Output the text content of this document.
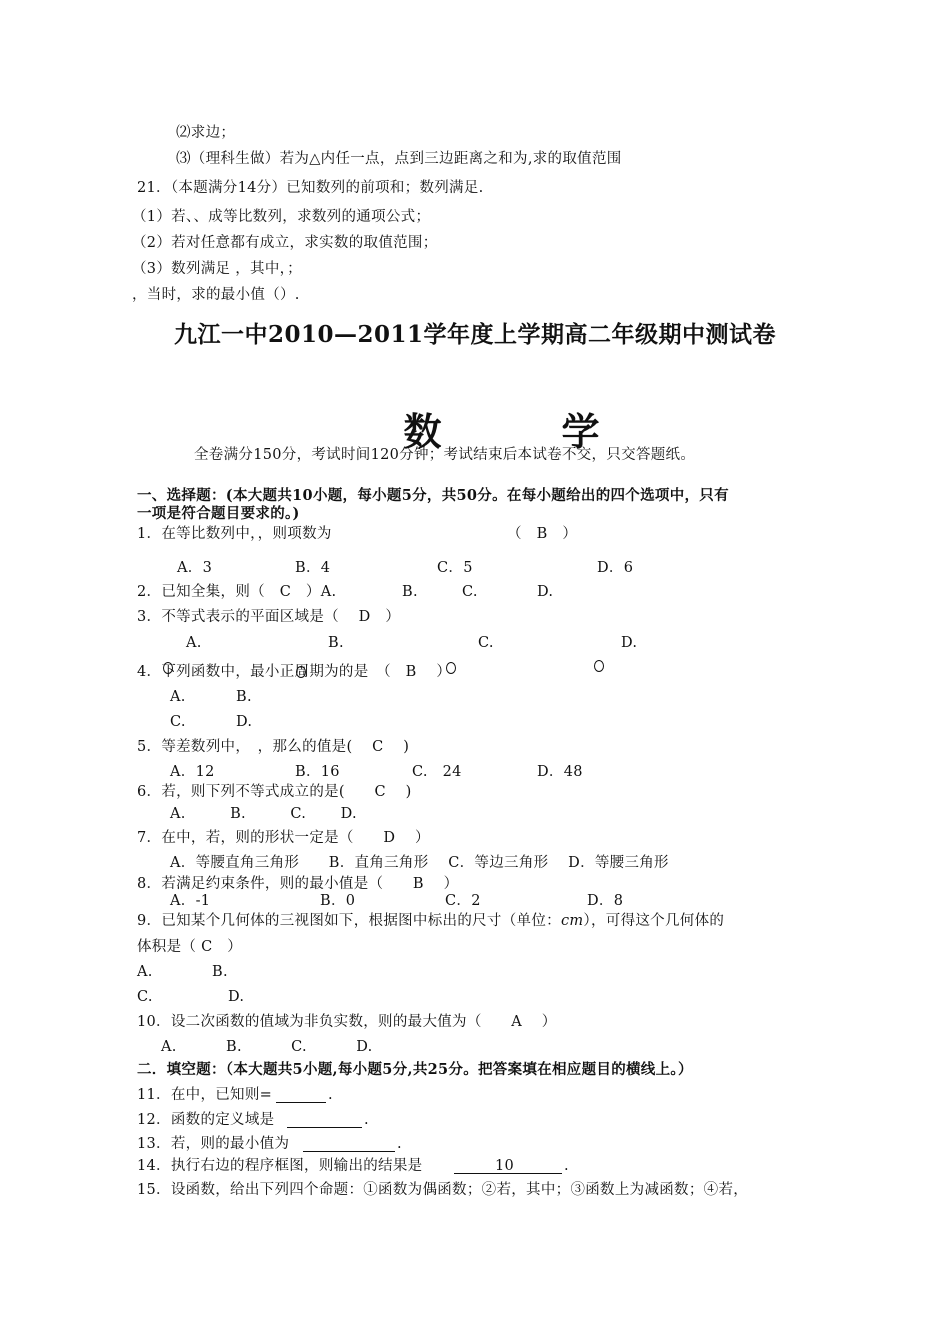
⑵求边；
⑶（理科生做）若为△内任一点，点到三边距离之和为,求的取值范围
21．（本题满分14分）已知数列的前项和；数列满足.
（1）若、、成等比数列，求数列的通项公式；
（2）若对任意都有成立，求实数的取值范围；
（3）数列满足 ，其中，；
，当时，求的最小值（）.
九江一中2010—2011学年度上学期高二年级期中测试卷

数	学

全卷满分150分，考试时间120分钟；考试结束后本试卷不交，只交答题纸。
一、选择题：(本大题共10小题，每小题5分，共50分。在每小题给出的四个选项中，只有
一项是符合题目要求的。)
1．在等比数列中，，则项数为	（　B　）
A．3	B．4	C．5	D．6
2．已知全集，则（　C　）A.	B.	C.	D.
3．不等式表示的平面区域是（　 D　）
A.	B.	C.	D.
4．下列函数中，最小正周期为的是　（　B　 ）
A.	B.
C.	D.
5．等差数列中，　，那么的值是(　 C　 )
A．12	B．16	C.　24	D．48
6．若，则下列不等式成立的是(　　C　 )
A.　　　B.　　　C.　　 D.
7．在中，若，则的形状一定是（　　D　 ）
A．等腰直角三角形　　B．直角三角形　 C．等边三角形　 D．等腰三角形
8．若满足约束条件，则的最小值是（　　B　 ）
A．-1	B．0	C．2	D．8
9．已知某个几何体的三视图如下，根据图中标出的尺寸（单位：cm），可得这个几何体的
体积是（ C　）
A.	B.
C.	D.
10．设二次函数的值域为非负实数，则的最大值为（　　A　 ）
A.　　　 B.　　　 C.　　　 D.
二．填空题：（本大题共5小题,每小题5分,共25分。把答案填在相应题目的横线上。）
11．在中，已知则=	.
12．函数的定义域是	.
13．若，则的最小值为	.
14．执行右边的程序框图，则输出的结果是	10	.
15．设函数，给出下列四个命题：①函数为偶函数；②若，其中；③函数上为减函数；④若，
